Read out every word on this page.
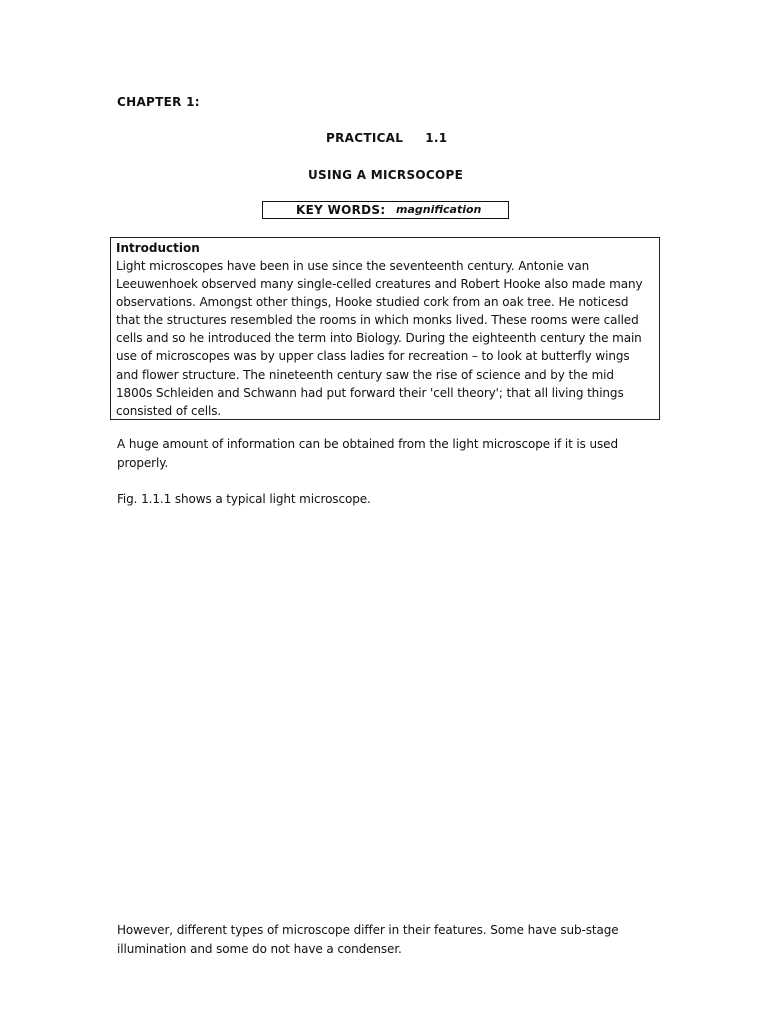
CHAPTER 1:
PRACTICAL 1.1
USING A MICRSOCOPE
KEY WORDS: magnification
Introduction
Light microscopes have been in use since the seventeenth century. Antonie van
Leeuwenhoek observed many single-celled creatures and Robert Hooke also made many
observations. Amongst other things, Hooke studied cork from an oak tree. He noticesd
that the structures resembled the rooms in which monks lived. These rooms were called
cells and so he introduced the term into Biology. During the eighteenth century the main
use of microscopes was by upper class ladies for recreation – to look at butterfly wings
and flower structure. The nineteenth century saw the rise of science and by the mid
1800s Schleiden and Schwann had put forward their 'cell theory'; that all living things
consisted of cells.
A huge amount of information can be obtained from the light microscope if it is used
properly.
Fig. 1.1.1 shows a typical light microscope.
However, different types of microscope differ in their features. Some have sub-stage
illumination and some do not have a condenser.
